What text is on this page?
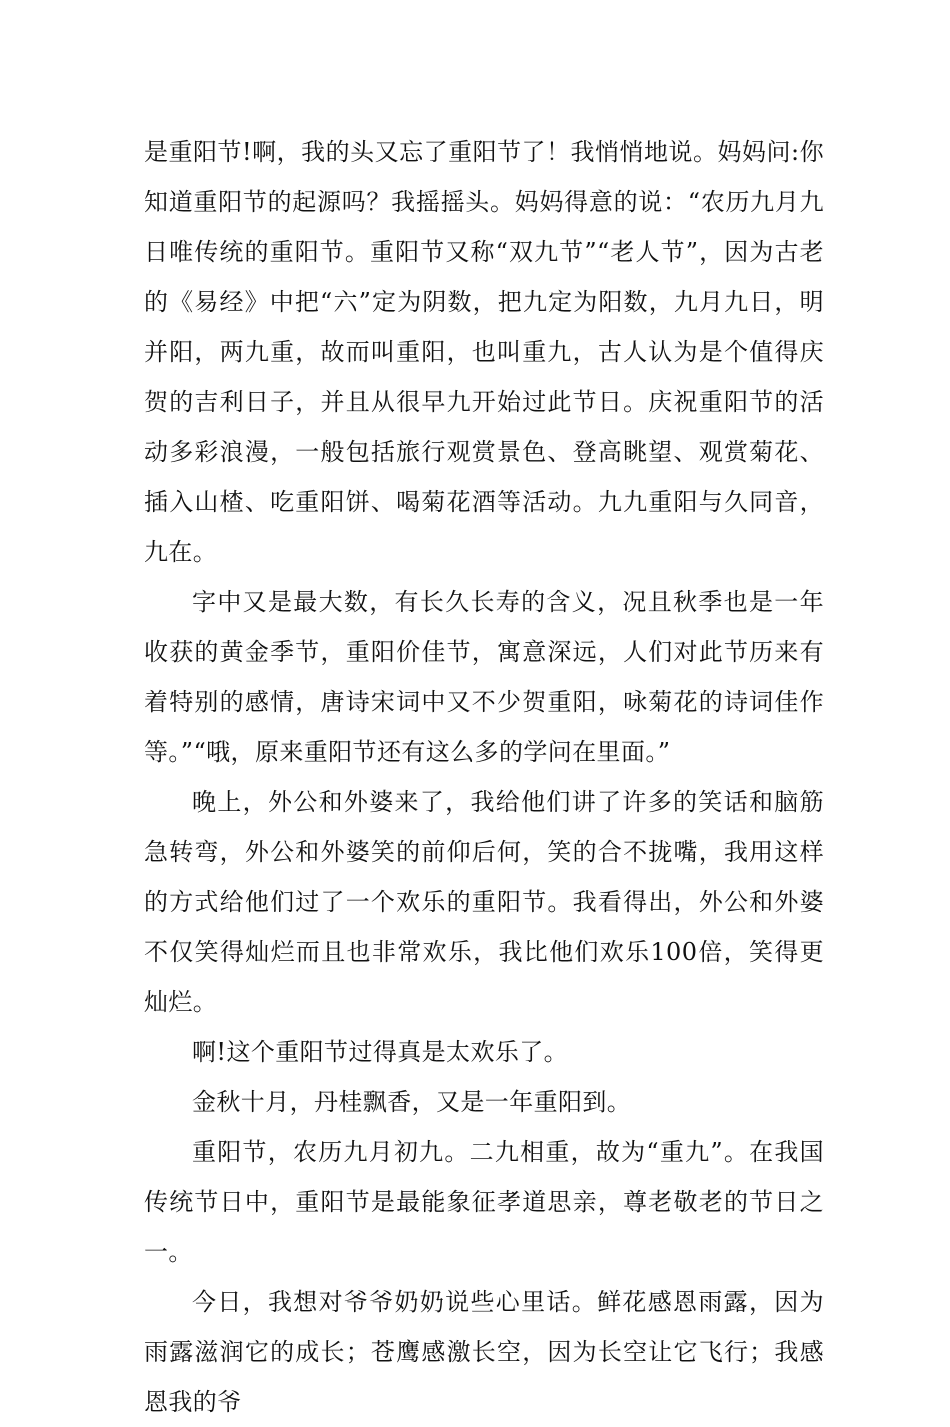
是重阳节!啊，我的头又忘了重阳节了！我悄悄地说。妈妈问:你知道重阳节的起源吗？我摇摇头。妈妈得意的说：“农历九月九日唯传统的重阳节。重阳节又称“双九节”“老人节”，因为古老的《易经》中把“六”定为阴数，把九定为阳数，九月九日，明并阳，两九重，故而叫重阳，也叫重九，古人认为是个值得庆贺的吉利日子，并且从很早九开始过此节日。庆祝重阳节的活动多彩浪漫，一般包括旅行观赏景色、登高眺望、观赏菊花、插入山楂、吃重阳饼、喝菊花酒等活动。九九重阳与久同音，九在。

字中又是最大数，有长久长寿的含义，况且秋季也是一年收获的黄金季节，重阳价佳节，寓意深远，人们对此节历来有着特别的感情，唐诗宋词中又不少贺重阳，咏菊花的诗词佳作等。”“哦，原来重阳节还有这么多的学问在里面。”

晚上，外公和外婆来了，我给他们讲了许多的笑话和脑筋急转弯，外公和外婆笑的前仰后何，笑的合不拢嘴，我用这样的方式给他们过了一个欢乐的重阳节。我看得出，外公和外婆不仅笑得灿烂而且也非常欢乐，我比他们欢乐100倍，笑得更灿烂。

啊!这个重阳节过得真是太欢乐了。

金秋十月，丹桂飘香，又是一年重阳到。

重阳节，农历九月初九。二九相重，故为“重九”。在我国传统节日中，重阳节是最能象征孝道思亲，尊老敬老的节日之一。

今日，我想对爷爷奶奶说些心里话。鲜花感恩雨露，因为雨露滋润它的成长；苍鹰感激长空，因为长空让它飞行；我感恩我的爷
